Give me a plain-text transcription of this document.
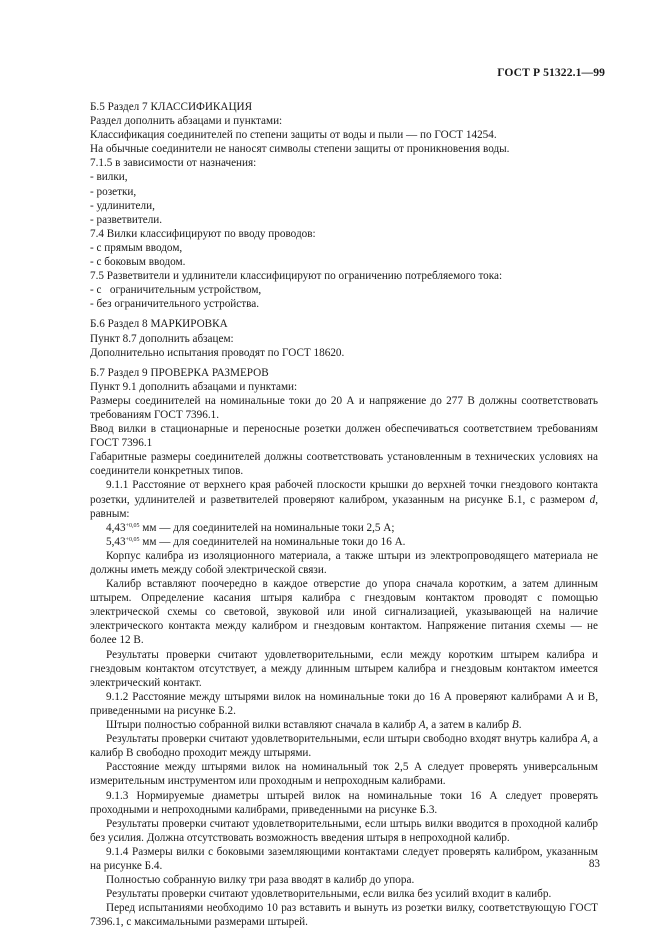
ГОСТ Р 51322.1—99

Б.5 Раздел 7 КЛАССИФИКАЦИЯ

Раздел дополнить абзацами и пунктами:

Классификация соединителей по степени защиты от воды и пыли — по ГОСТ 14254.

На обычные соединители не наносят символы степени защиты от проникновения воды.

7.1.5 в зависимости от назначения:

- вилки,

- розетки,

- удлинители,

- разветвители.

7.4 Вилки классифицируют по вводу проводов:

- с прямым вводом,

- с боковым вводом.

7.5 Разветвители и удлинители классифицируют по ограничению потребляемого тока:

- с   ограничительным устройством,

- без ограничительного устройства.

Б.6 Раздел 8 МАРКИРОВКА

Пункт 8.7 дополнить абзацем:

Дополнительно испытания проводят по ГОСТ 18620.

Б.7 Раздел 9 ПРОВЕРКА РАЗМЕРОВ

Пункт 9.1 дополнить абзацами и пунктами:

Размеры соединителей на номинальные токи до 20 А и напряжение до 277 В должны соответствовать требованиям ГОСТ 7396.1.

Ввод вилки в стационарные и переносные розетки должен обеспечиваться соответствием требованиям ГОСТ 7396.1

Габаритные размеры соединителей должны соответствовать установленным в технических условиях на соединители конкретных типов.

9.1.1 Расстояние от верхнего края рабочей плоскости крышки до верхней точки гнездового контакта розетки, удлинителей и разветвителей проверяют калибром, указанным на рисунке Б.1, с размером d, равным:

$4,43^{+0,05}$ мм — для соединителей на номинальные токи 2,5 А;

$5,43^{+0,05}$ мм — для соединителей на номинальные токи до 16 А.

Корпус калибра из изоляционного материала, а также штыри из электропроводящего материала не должны иметь между собой электрической связи.

Калибр вставляют поочередно в каждое отверстие до упора сначала коротким, а затем длинным штырем. Определение касания штыря калибра с гнездовым контактом проводят с помощью электрической схемы со световой, звуковой или иной сигнализацией, указывающей на наличие электрического контакта между калибром и гнездовым контактом. Напряжение питания схемы — не более 12 В.

Результаты проверки считают удовлетворительными, если между коротким штырем калибра и гнездовым контактом отсутствует, а между длинным штырем калибра и гнездовым контактом имеется электрический контакт.

9.1.2 Расстояние между штырями вилок на номинальные токи до 16 А проверяют калибрами А и В, приведенными на рисунке Б.2.

Штыри полностью собранной вилки вставляют сначала в калибр А, а затем в калибр В.

Результаты проверки считают удовлетворительными, если штыри свободно входят внутрь калибра А, а калибр В свободно проходит между штырями.

Расстояние между штырями вилок на номинальный ток 2,5 А следует проверять универсальным измерительным инструментом или проходным и непроходным калибрами.

9.1.3 Нормируемые диаметры штырей вилок на номинальные токи 16 А следует проверять проходными и непроходными калибрами, приведенными на рисунке Б.3.

Результаты проверки считают удовлетворительными, если штырь вилки вводится в проходной калибр без усилия. Должна отсутствовать возможность введения штыря в непроходной калибр.

9.1.4 Размеры вилки с боковыми заземляющими контактами следует проверять калибром, указанным на рисунке Б.4.

Полностью собранную вилку три раза вводят в калибр до упора.

Результаты проверки считают удовлетворительными, если вилка без усилий входит в калибр.

Перед испытаниями необходимо 10 раз вставить и вынуть из розетки вилку, соответствующую ГОСТ 7396.1, с максимальными размерами штырей.

83
